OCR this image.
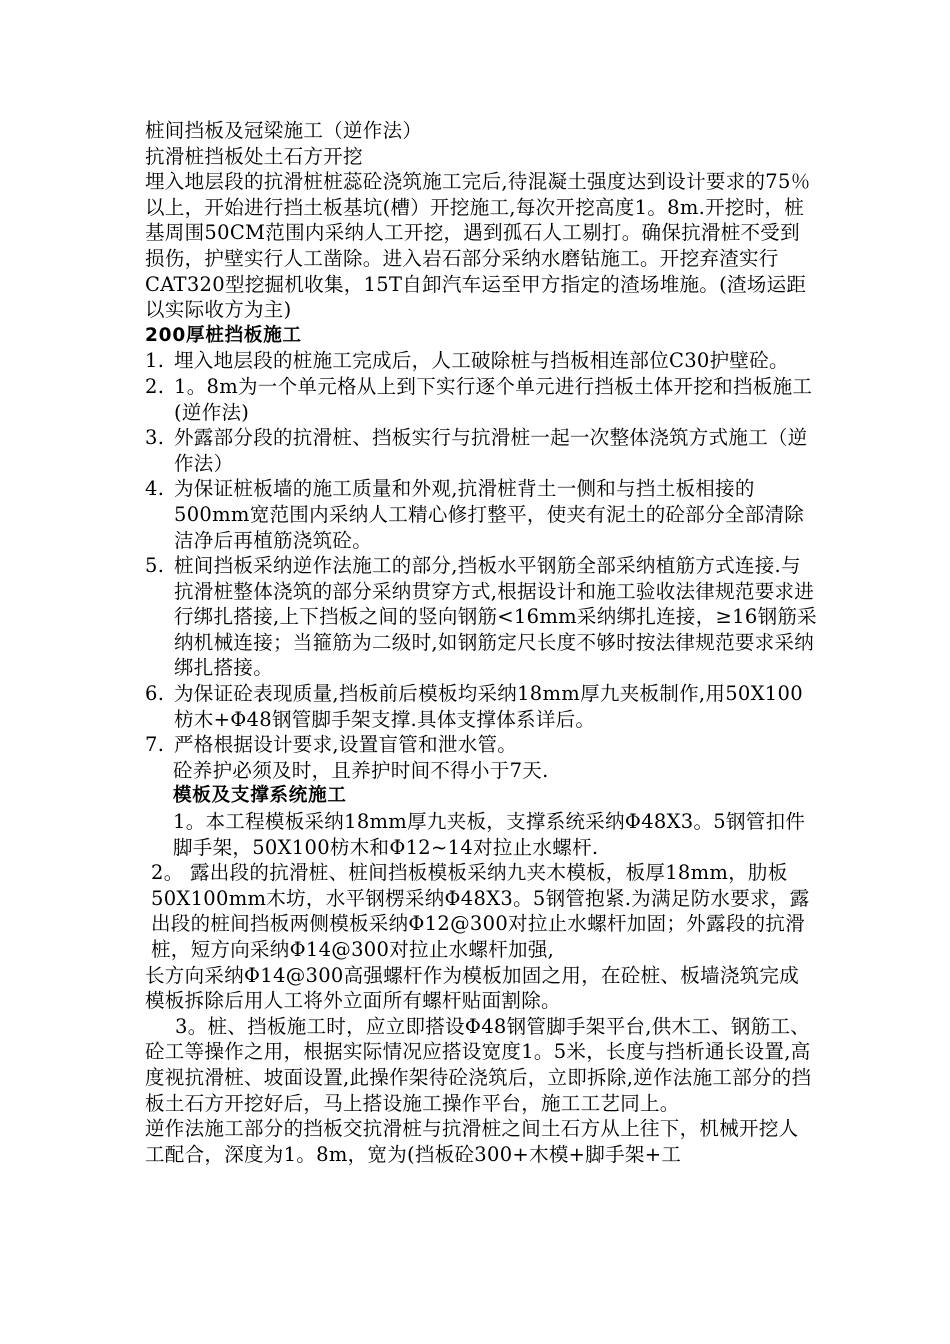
桩间挡板及冠梁施工（逆作法）

抗滑桩挡板处土石方开挖

埋入地层段的抗滑桩桩蕊砼浇筑施工完后,待混凝土强度达到设计要求的75％以上，开始进行挡土板基坑(槽）开挖施工,每次开挖高度1。8m.开挖时，桩基周围50CM范围内采纳人工开挖，遇到孤石人工剔打。确保抗滑桩不受到损伤，护壁实行人工凿除。进入岩石部分采纳水磨钻施工。开挖弃渣实行CAT320型挖掘机收集，15T自卸汽车运至甲方指定的渣场堆施。(渣场运距以实际收方为主)

200厚桩挡板施工

1. 埋入地层段的桩施工完成后，人工破除桩与挡板相连部位C30护壁砼。
2. 1。8m为一个单元格从上到下实行逐个单元进行挡板土体开挖和挡板施工(逆作法)
3. 外露部分段的抗滑桩、挡板实行与抗滑桩一起一次整体浇筑方式施工（逆作法）
4. 为保证桩板墙的施工质量和外观,抗滑桩背土一侧和与挡土板相接的500mm宽范围内采纳人工精心修打整平，使夹有泥土的砼部分全部清除洁净后再植筋浇筑砼。
5. 桩间挡板采纳逆作法施工的部分,挡板水平钢筋全部采纳植筋方式连接.与抗滑桩整体浇筑的部分采纳贯穿方式,根据设计和施工验收法律规范要求进行绑扎搭接,上下挡板之间的竖向钢筋<16mm采纳绑扎连接，≥16钢筋采纳机械连接；当箍筋为二级时,如钢筋定尺长度不够时按法律规范要求采纳绑扎搭接。
6. 为保证砼表现质量,挡板前后模板均采纳18mm厚九夹板制作,用50X100枋木+Φ48钢管脚手架支撑.具体支撑体系详后。
7. 严格根据设计要求,设置盲管和泄水管。

砼养护必须及时，且养护时间不得小于7天.

模板及支撑系统施工

1。本工程模板采纳18mm厚九夹板，支撑系统采纳Φ48X3。5钢管扣件脚手架，50X100枋木和Φ12~14对拉止水螺杆.

2。 露出段的抗滑桩、桩间挡板模板采纳九夹木模板，板厚18mm，肋板50X100mm木坊，水平钢楞采纳Φ48X3。5钢管抱紧.为满足防水要求，露出段的桩间挡板两侧模板采纳Φ12@300对拉止水螺杆加固；外露段的抗滑桩，短方向采纳Φ14@300对拉止水螺杆加强,

长方向采纳Φ14@300高强螺杆作为模板加固之用，在砼桩、板墙浇筑完成模板拆除后用人工将外立面所有螺杆贴面割除。

3。桩、挡板施工时，应立即搭设Φ48钢管脚手架平台,供木工、钢筋工、砼工等操作之用，根据实际情况应搭设宽度1。5米，长度与挡析通长设置,高度视抗滑桩、坡面设置,此操作架待砼浇筑后，立即拆除,逆作法施工部分的挡板土石方开挖好后，马上搭设施工操作平台，施工工艺同上。

逆作法施工部分的挡板交抗滑桩与抗滑桩之间土石方从上往下，机械开挖人工配合，深度为1。8m，宽为(挡板砼300+木模+脚手架+工
